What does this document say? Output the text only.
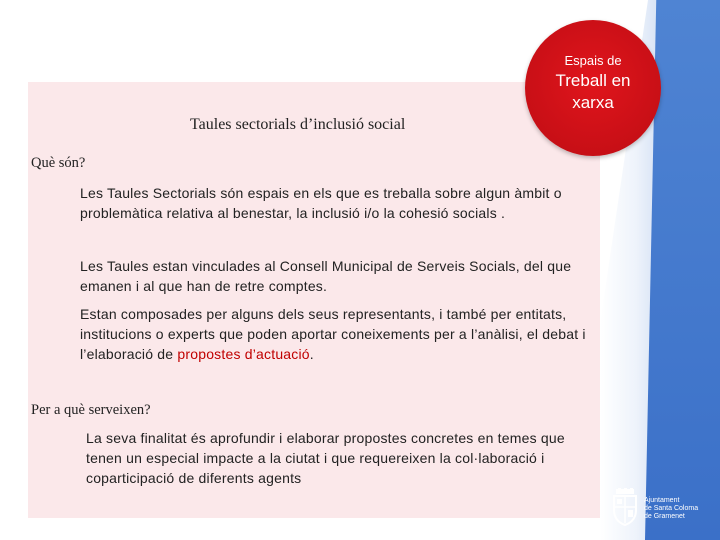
Espais de
Treball en
xarxa
Taules sectorials d’inclusió social
Què són?
Les Taules Sectorials són espais en els que es treballa sobre algun àmbit o problemàtica relativa al benestar, la inclusió i/o la cohesió socials .
Les Taules estan vinculades al Consell Municipal de Serveis Socials, del que emanen i al que han de retre comptes.
Estan composades per alguns dels seus representants, i també per entitats, institucions o experts que poden aportar coneixements per a l’anàlisi, el debat i l’elaboració de propostes d’actuació.
Per a què serveixen?
La seva finalitat és aprofundir i elaborar propostes concretes en temes que tenen un especial impacte a la ciutat i que requereixen la col·laboració i coparticipació de diferents agents
Ajuntament
de Santa Coloma
de Gramenet
